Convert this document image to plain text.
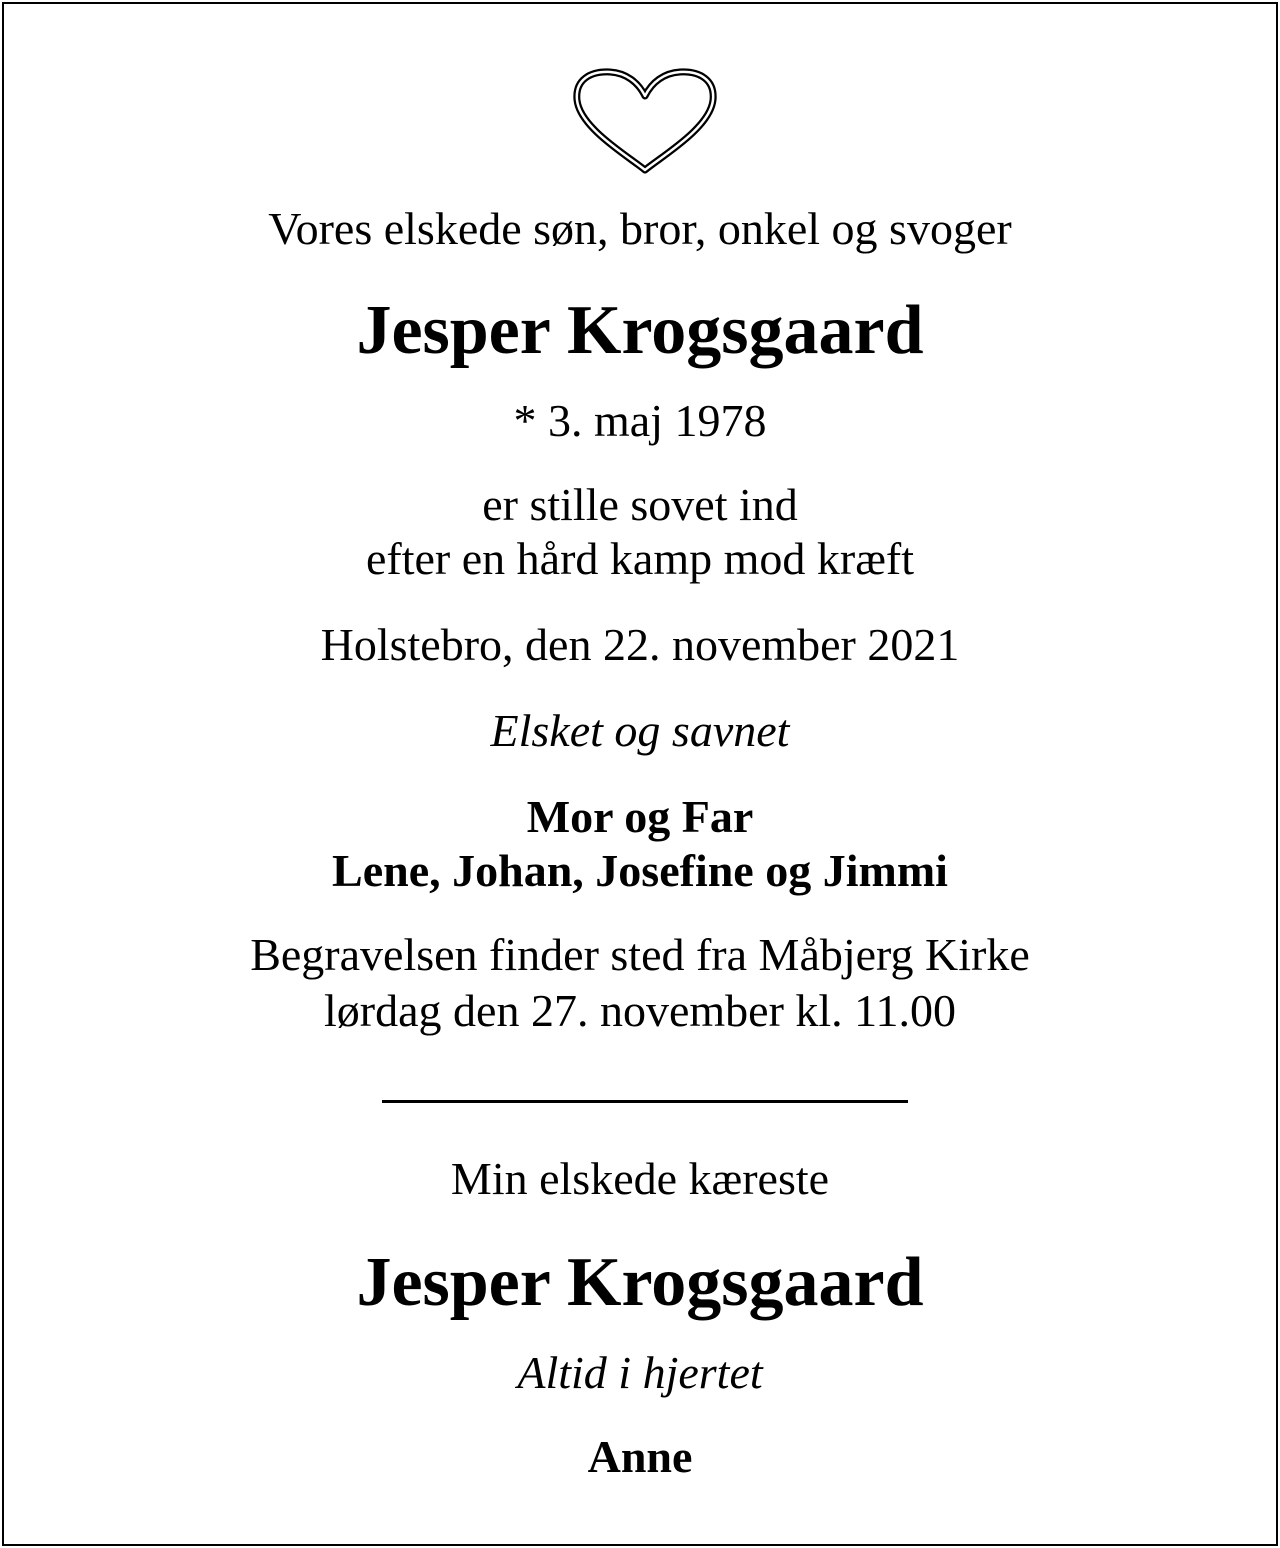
Vores elskede søn, bror, onkel og svoger
Jesper Krogsgaard
* 3. maj 1978
er stille sovet ind
efter en hård kamp mod kræft
Holstebro, den 22. november 2021
Elsket og savnet
Mor og Far
Lene, Johan, Josefine og Jimmi
Begravelsen finder sted fra Måbjerg Kirke
lørdag den 27. november kl. 11.00
Min elskede kæreste
Jesper Krogsgaard
Altid i hjertet
Anne
